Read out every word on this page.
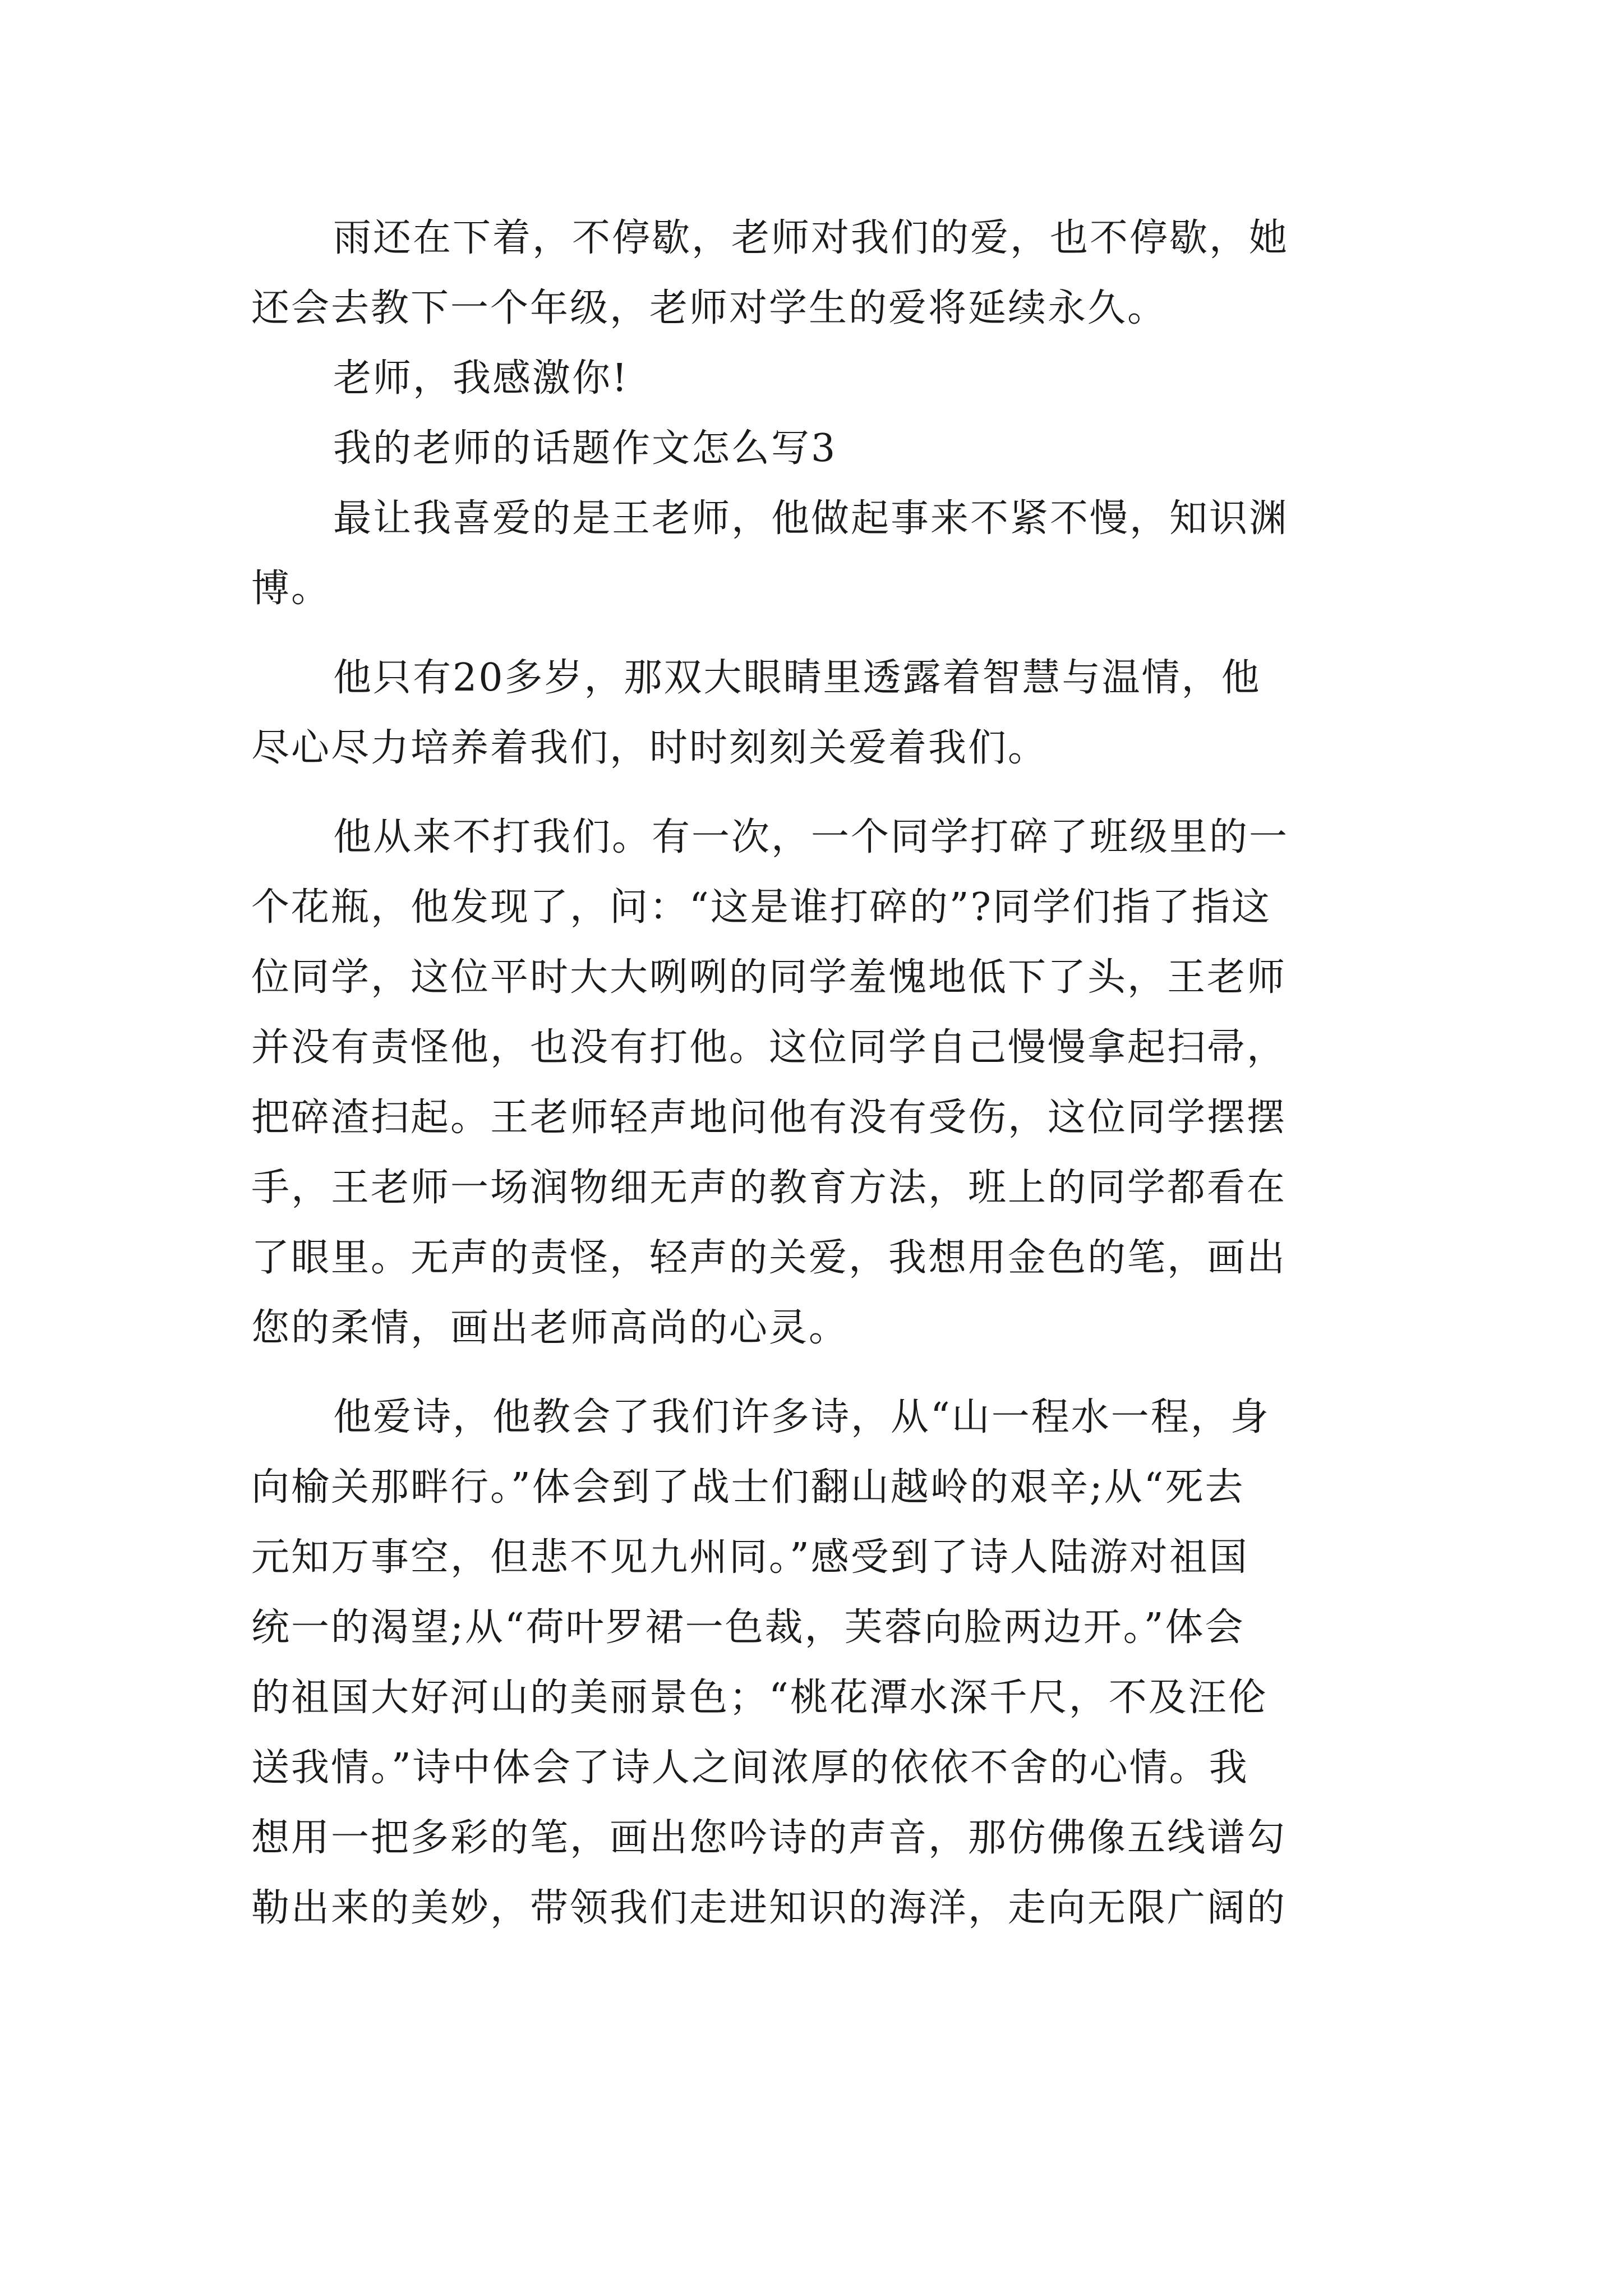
雨还在下着，不停歇，老师对我们的爱，也不停歇，她
还会去教下一个年级，老师对学生的爱将延续永久。
老师，我感激你!
我的老师的话题作文怎么写3
最让我喜爱的是王老师，他做起事来不紧不慢，知识渊
博。
他只有20多岁，那双大眼睛里透露着智慧与温情，他
尽心尽力培养着我们，时时刻刻关爱着我们。
他从来不打我们。有一次，一个同学打碎了班级里的一
个花瓶，他发现了，问：“这是谁打碎的”?同学们指了指这
位同学，这位平时大大咧咧的同学羞愧地低下了头，王老师
并没有责怪他，也没有打他。这位同学自己慢慢拿起扫帚，
把碎渣扫起。王老师轻声地问他有没有受伤，这位同学摆摆
手，王老师一场润物细无声的教育方法，班上的同学都看在
了眼里。无声的责怪，轻声的关爱，我想用金色的笔，画出
您的柔情，画出老师高尚的心灵。
他爱诗，他教会了我们许多诗，从“山一程水一程，身
向榆关那畔行。”体会到了战士们翻山越岭的艰辛;从“死去
元知万事空，但悲不见九州同。”感受到了诗人陆游对祖国
统一的渴望;从“荷叶罗裙一色裁，芙蓉向脸两边开。”体会
的祖国大好河山的美丽景色；“桃花潭水深千尺，不及汪伦
送我情。”诗中体会了诗人之间浓厚的依依不舍的心情。我
想用一把多彩的笔，画出您吟诗的声音，那仿佛像五线谱勾
勒出来的美妙，带领我们走进知识的海洋，走向无限广阔的
